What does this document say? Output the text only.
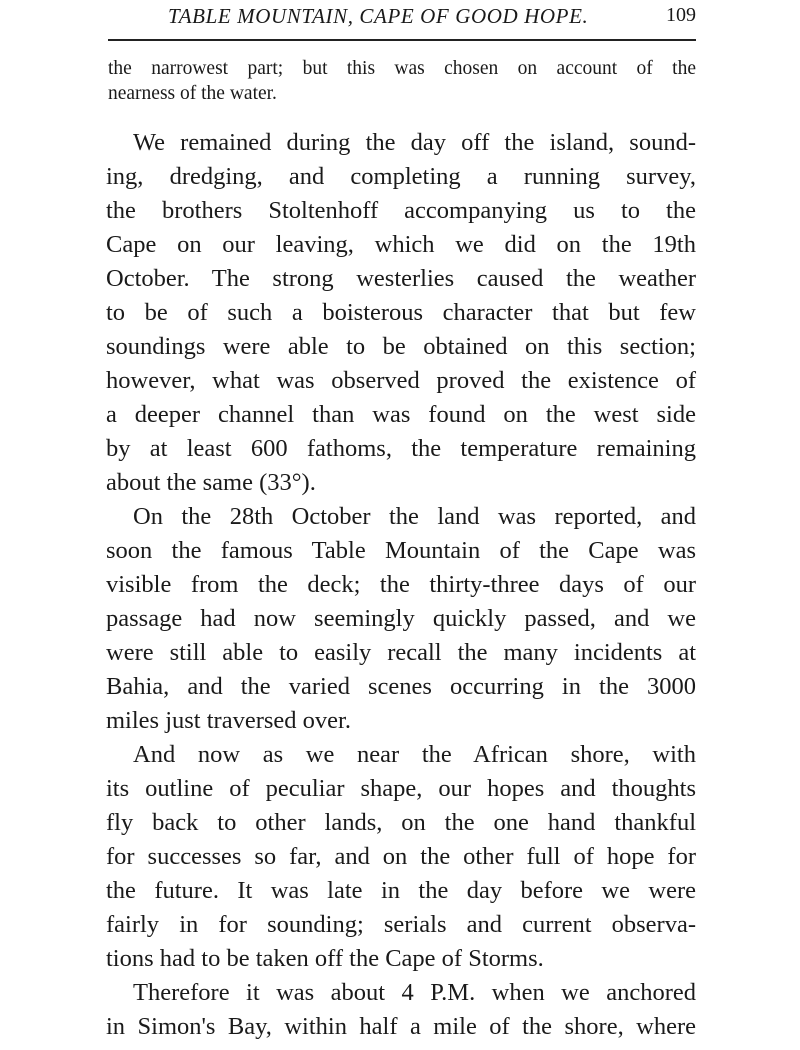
TABLE MOUNTAIN, CAPE OF GOOD HOPE.	109
the narrowest part; but this was chosen on account of the
nearness of the water.
We remained during the day off the island, sound-
ing, dredging, and completing a running survey,
the brothers Stoltenhoff accompanying us to the
Cape on our leaving, which we did on the 19th
October. The strong westerlies caused the weather
to be of such a boisterous character that but few
soundings were able to be obtained on this section;
however, what was observed proved the existence of
a deeper channel than was found on the west side
by at least 600 fathoms, the temperature remaining
about the same (33°).
On the 28th October the land was reported, and
soon the famous Table Mountain of the Cape was
visible from the deck; the thirty-three days of our
passage had now seemingly quickly passed, and we
were still able to easily recall the many incidents at
Bahia, and the varied scenes occurring in the 3000
miles just traversed over.
And now as we near the African shore, with
its outline of peculiar shape, our hopes and thoughts
fly back to other lands, on the one hand thankful
for successes so far, and on the other full of hope for
the future. It was late in the day before we were
fairly in for sounding; serials and current observa-
tions had to be taken off the Cape of Storms.
Therefore it was about 4 P.M. when we anchored
in Simon's Bay, within half a mile of the shore, where
